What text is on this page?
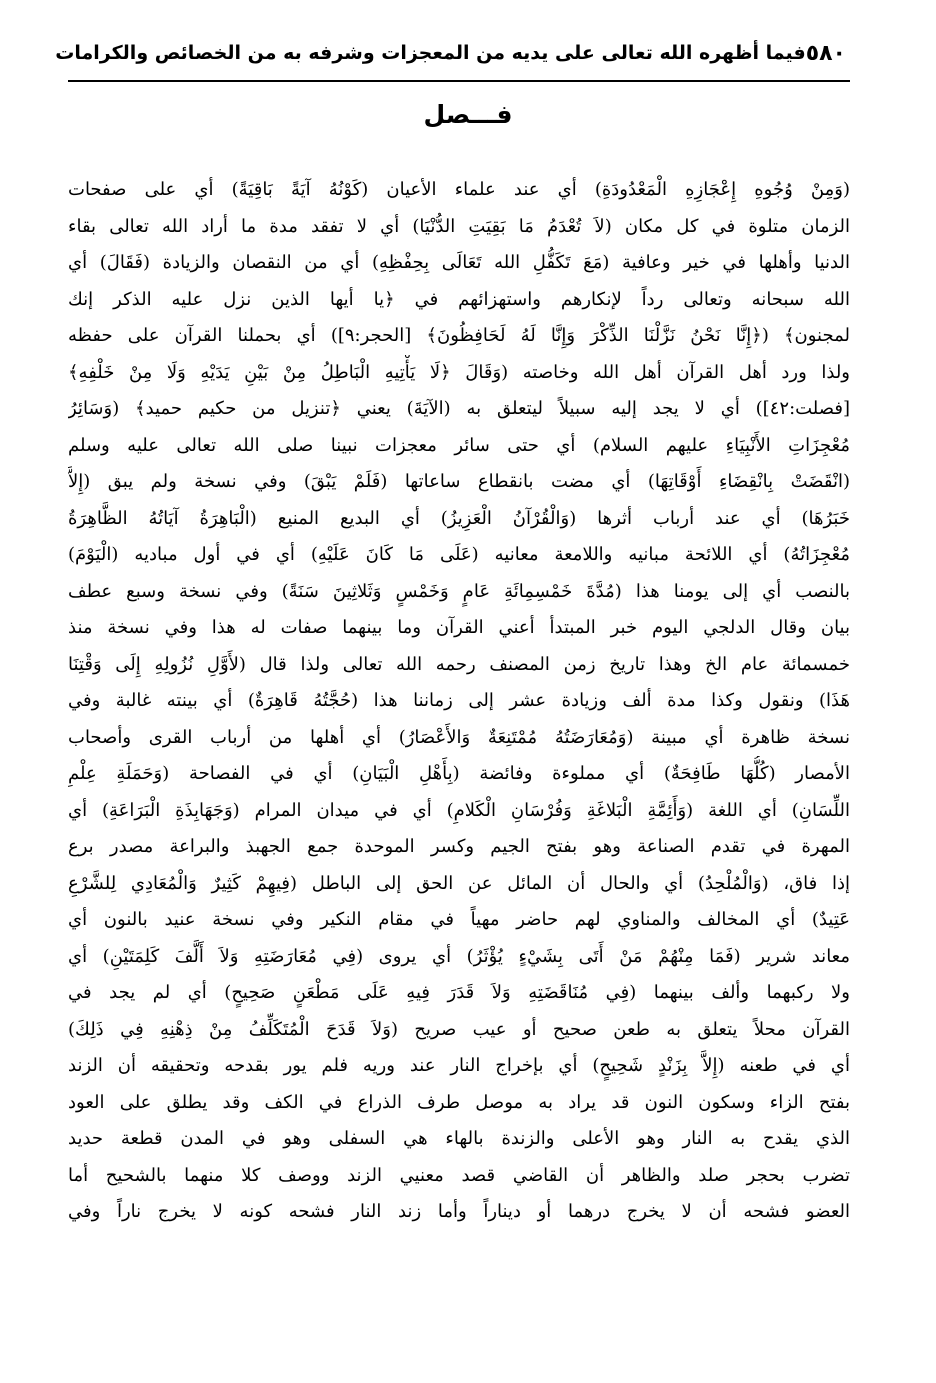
٥٨٠
فيما أظهره الله تعالى على يديه من المعجزات وشرفه به من الخصائص والكرامات
فـــصل
(وَمِنْ وُجُوهِ إِعْجَازِهِ الْمَعْدُودَةِ) أي عند علماء الأعيان (كَوْنُهُ آيَةً بَاقِيَةً) أي على صفحات
الزمان متلوة في كل مكان (لاَ تُعْدَمُ مَا بَقِيَتِ الدُّنْيَا) أي لا تفقد مدة ما أراد الله تعالى بقاء
الدنيا وأهلها في خير وعافية (مَعَ تَكَفُّلِ الله تَعَالَى بِحِفْظِهِ) أي من النقصان والزيادة (فَقَالَ) أي
الله سبحانه وتعالى رداً لإنكارهم واستهزائهم في ﴿يا أيها الذين نزل عليه الذكر إنك
لمجنون﴾ (﴿إِنَّا نَحْنُ نَزَّلْنَا الذِّكْرَ وَإِنَّا لَهُ لَحَافِظُونَ﴾ [الحجر:٩]) أي بحملنا القرآن على حفظه
ولذا ورد أهل القرآن أهل الله وخاصته (وَقَالَ ﴿لَا يَأْتِيهِ الْبَاطِلُ مِنْ بَيْنِ يَدَيْهِ وَلَا مِنْ خَلْفِهِ﴾
[فصلت:٤٢]) أي لا يجد إليه سبيلاً ليتعلق به (الآيَةَ) يعني ﴿تنزيل من حكيم حميد﴾ (وَسَائِرُ
مُعْجِزَاتِ الأَنْبِيَاءِ عليهم السلام) أي حتى سائر معجزات نبينا صلى الله تعالى عليه وسلم
(انْقَضَتْ بِانْقِضَاءِ أَوْقَاتِهَا) أي مضت بانقطاع ساعاتها (فَلَمْ يَبْقَ) وفي نسخة ولم يبق (إِلاَّ
خَبَرُهَا) أي عند أرباب أثرها (وَالْقُرْآنُ الْعَزِيزُ) أي البديع المنيع (الْبَاهِرَةُ آيَاتُهُ الظَّاهِرَةُ
مُعْجِزَاتُهُ) أي اللائحة مبانيه واللامعة معانيه (عَلَى مَا كَانَ عَلَيْهِ) أي في أول مباديه (الْيَوْمَ)
بالنصب أي إلى يومنا هذا (مُدَّةَ خَمْسِمِائَةِ عَامٍ وَخَمْسٍ وَثَلاثِينَ سَنَةً) وفي نسخة وسبع عطف
بيان وقال الدلجي اليوم خبر المبتدأ أعني القرآن وما بينهما صفات له هذا وفي نسخة منذ
خمسمائة عام الخ وهذا تاريخ زمن المصنف رحمه الله تعالى ولذا قال (لأَوَّلِ نُزُولِهِ إِلَى وَقْتِنَا
هَذَا) ونقول وكذا مدة ألف وزيادة عشر إلى زماننا هذا (حُجَّتُهُ قَاهِرَةٌ) أي بينته غالبة وفي
نسخة ظاهرة أي مبينة (وَمُعَارَضَتُهُ مُمْتَنِعَةٌ وَالأَعْصَارُ) أي أهلها من أرباب القرى وأصحاب
الأمصار (كُلُّهَا طَافِحَةٌ) أي مملوءة وفائضة (بِأَهْلِ الْبَيَانِ) أي في الفصاحة (وَحَمَلَةِ عِلْمِ
اللِّسَانِ) أي اللغة (وَأَئِمَّةِ الْبَلاغَةِ وَفُرْسَانِ الْكَلامِ) أي في ميدان المرام (وَجَهَابِذَةِ الْبَرَاعَةِ) أي
المهرة في تقدم الصناعة وهو بفتح الجيم وكسر الموحدة جمع الجهبذ والبراعة مصدر برع
إذا فاق، (وَالْمُلْحِدُ) أي والحال أن المائل عن الحق إلى الباطل (فِيهِمْ كَثِيرٌ وَالْمُعَادِي لِلشَّرْعِ
عَتِيدٌ) أي المخالف والمناوي لهم حاضر مهياً في مقام النكير وفي نسخة عنيد بالنون أي
معاند شرير (فَمَا مِنْهُمْ مَنْ أَتَى بِشَيْءٍ يُؤْثَرُ) أي يروى (فِي مُعَارَضَتِهِ وَلاَ أَلَّفَ كَلِمَتَيْنِ) أي
ولا ركبهما وألف بينهما (فِي مُنَاقَضَتِهِ وَلاَ قَدَرَ فِيهِ عَلَى مَطْعَنٍ صَحِيحٍ) أي لم يجد في
القرآن محلاً يتعلق به طعن صحيح أو عيب صريح (وَلاَ قَدَحَ الْمُتَكَلِّفُ مِنْ ذِهْنِهِ فِي ذَلِكَ)
أي في طعنه (إِلاَّ بِزَنْدٍ شَحِيحٍ) أي بإخراج النار عند وريه فلم يور بقدحه وتحقيقه أن الزند
بفتح الزاء وسكون النون قد يراد به موصل طرف الذراع في الكف وقد يطلق على العود
الذي يقدح به النار وهو الأعلى والزندة بالهاء هي السفلى وهو في المدن قطعة حديد
تضرب بحجر صلد والظاهر أن القاضي قصد معنيي الزند ووصف كلا منهما بالشحيح أما
العضو فشحه أن لا يخرج درهما أو ديناراً وأما زند النار فشحه كونه لا يخرج ناراً وفي
